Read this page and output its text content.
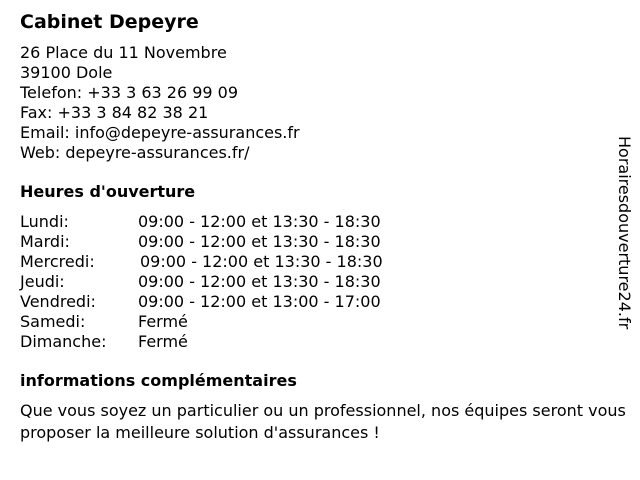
Cabinet Depeyre
26 Place du 11 Novembre
39100 Dole
Telefon: +33 3 63 26 99 09
Fax: +33 3 84 82 38 21
Email: info@depeyre-assurances.fr
Web: depeyre-assurances.fr/
Heures d'ouverture
Lundi:	09:00 - 12:00 et 13:30 - 18:30
Mardi:	09:00 - 12:00 et 13:30 - 18:30
Mercredi:	09:00 - 12:00 et 13:30 - 18:30
Jeudi:	09:00 - 12:00 et 13:30 - 18:30
Vendredi:	09:00 - 12:00 et 13:00 - 17:00
Samedi:	Fermé
Dimanche: Fermé
informations complémentaires
Que vous soyez un particulier ou un professionnel, nos équipes seront vous proposer la meilleure solution d'assurances !
Horairesdouverture24.fr
